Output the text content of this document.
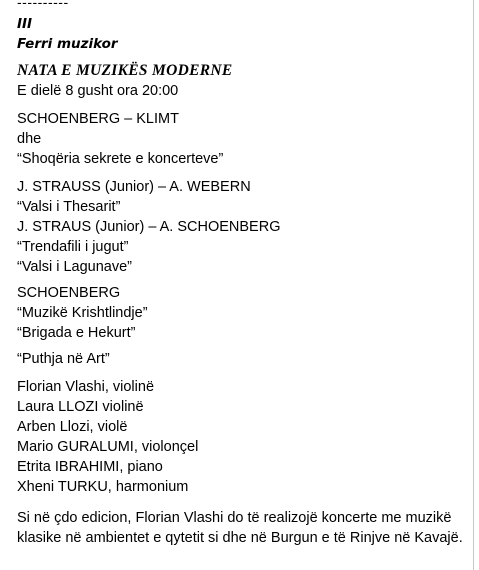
----------
III
Ferri muzikor
NATA E MUZIKËS MODERNE
E dielë 8 gusht ora 20:00
SCHOENBERG – KLIMT
dhe
“Shoqëria sekrete e koncerteve”
J. STRAUSS (Junior) – A. WEBERN
“Valsi i Thesarit”
J. STRAUS (Junior) – A. SCHOENBERG
“Trendafili i jugut”
“Valsi i Lagunave”
SCHOENBERG
“Muzikë Krishtlindje”
“Brigada e Hekurt”
“Puthja në Art”
Florian Vlashi, violinë
Laura LLOZI violinë
Arben Llozi, violë
Mario GURALUMI, violonçel
Etrita IBRAHIMI, piano
Xheni TURKU, harmonium
Si në çdo edicion, Florian Vlashi do të realizojë koncerte me muzikë klasike në ambientet e qytetit si dhe në Burgun e të Rinjve në Kavajë.
